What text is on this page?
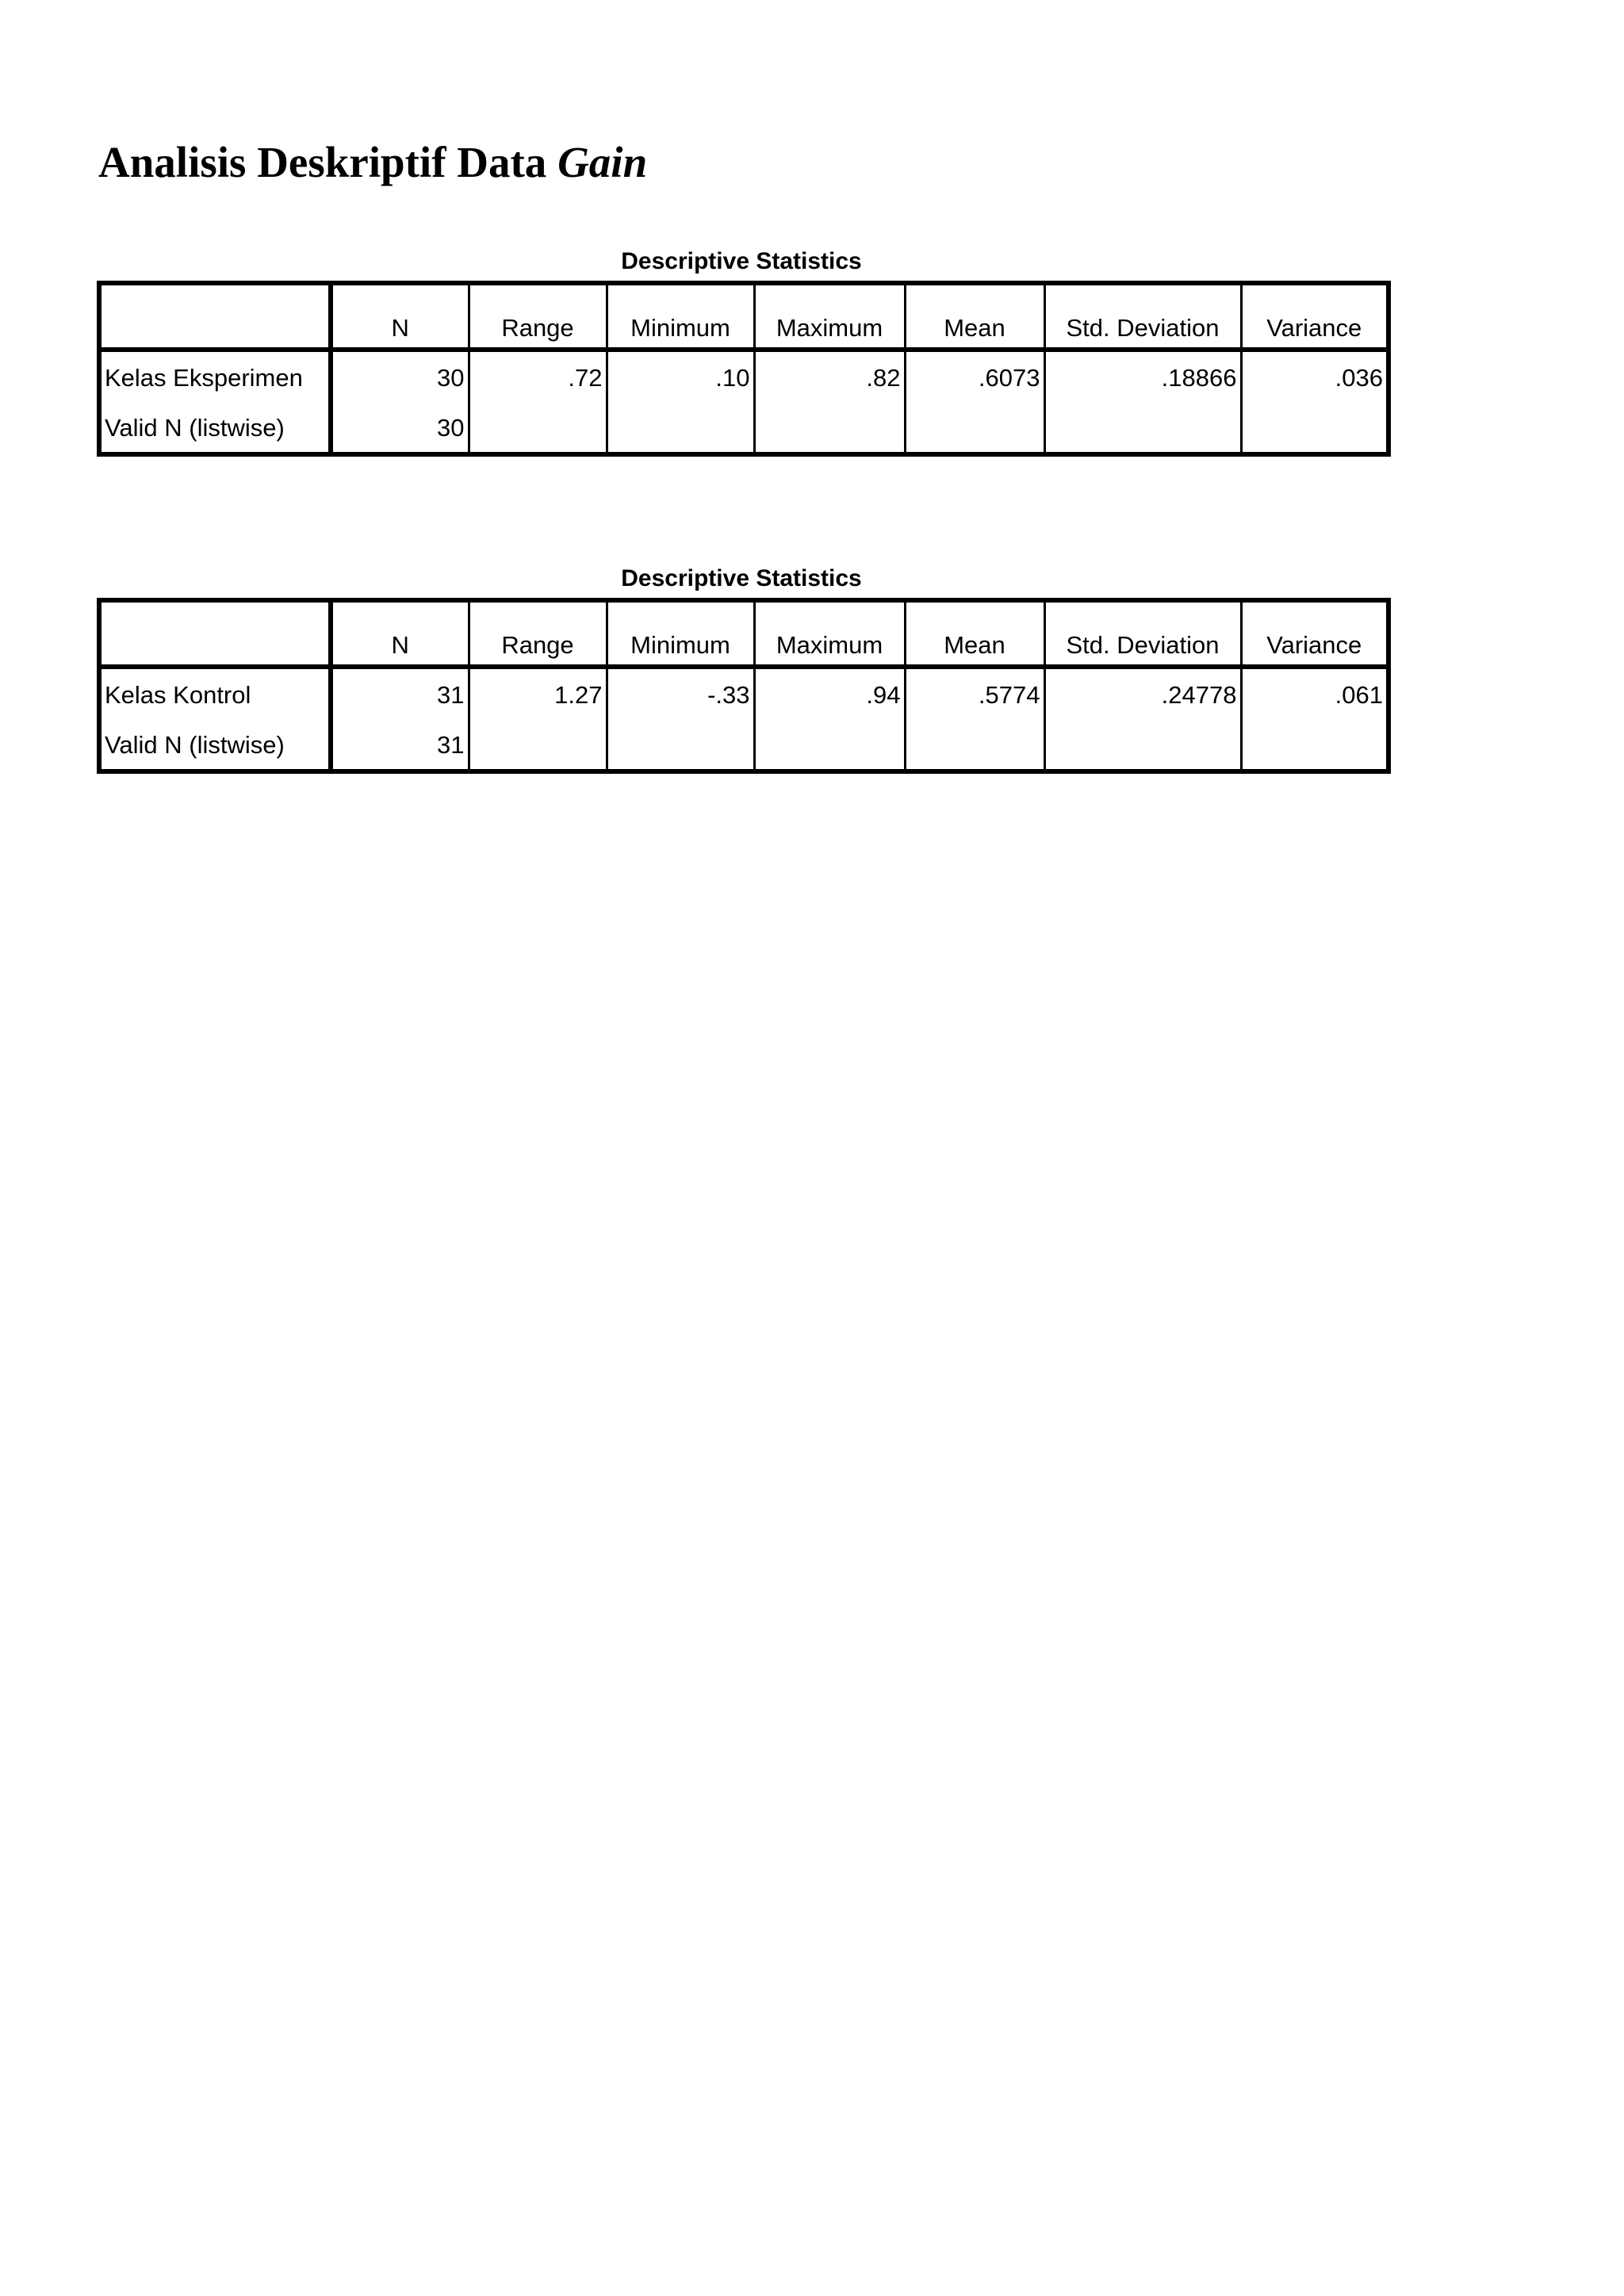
Analisis Deskriptif Data Gain
Descriptive Statistics
	N	Range	Minimum	Maximum	Mean	Std. Deviation	Variance
Kelas Eksperimen	30	.72	.10	.82	.6073	.18866	.036
Valid N (listwise)	30						
Descriptive Statistics
	N	Range	Minimum	Maximum	Mean	Std. Deviation	Variance
Kelas Kontrol	31	1.27	-.33	.94	.5774	.24778	.061
Valid N (listwise)	31						
